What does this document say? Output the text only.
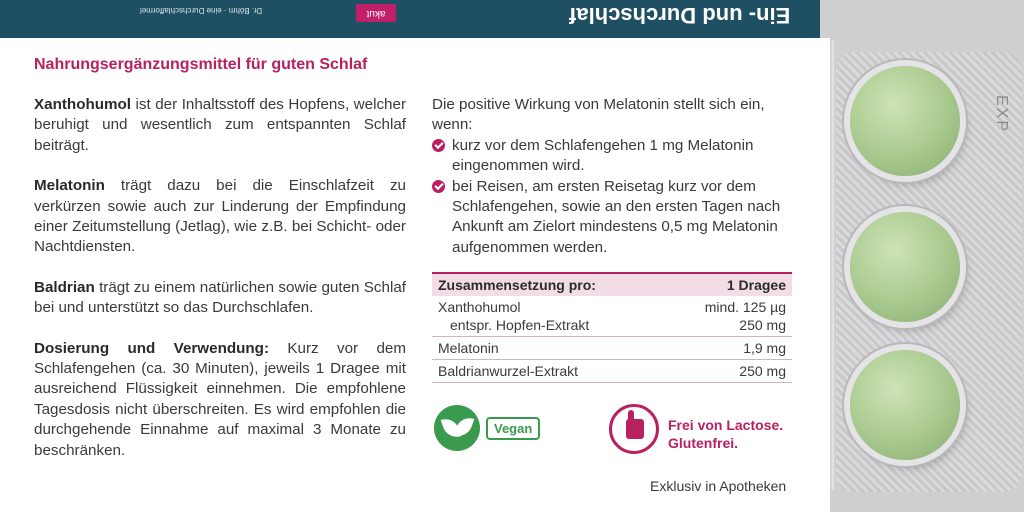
Ein- und Durchschlaf
akut
Dr. Böhm · eine Durchschlafformel
EXP
Nahrungsergänzungsmittel für guten Schlaf

Xanthohumol ist der Inhaltsstoff des Hopfens, welcher beruhigt und wesentlich zum entspannten Schlaf beiträgt.

Melatonin trägt dazu bei die Einschlafzeit zu verkürzen sowie auch zur Linderung der Empfindung einer Zeitumstellung (Jetlag), wie z.B. bei Schicht- oder Nachtdiensten.

Baldrian trägt zu einem natürlichen sowie guten Schlaf bei und unterstützt so das Durchschlafen.

Dosierung und Verwendung: Kurz vor dem Schlafengehen (ca. 30 Minuten), jeweils 1 Dragee mit ausreichend Flüssigkeit einnehmen. Die empfohlene Tagesdosis nicht überschreiten. Es wird empfohlen die durchgehende Einnahme auf maximal 3 Monate zu beschränken.

Die positive Wirkung von Melatonin stellt sich ein, wenn:

kurz vor dem Schlafengehen 1 mg Melatonin eingenommen wird.

bei Reisen, am ersten Reisetag kurz vor dem Schlafengehen, sowie an den ersten Tagen nach Ankunft am Zielort mindestens 0,5 mg Melatonin aufgenommen werden.

Zusammensetzung pro:	1 Dragee
Xanthohumol	mind. 125 µg
entspr. Hopfen-Extrakt	250 mg
Melatonin	1,9 mg
Baldrianwurzel-Extrakt	250 mg
Vegan	Frei von Lactose.
Glutenfrei.
Exklusiv in Apotheken
